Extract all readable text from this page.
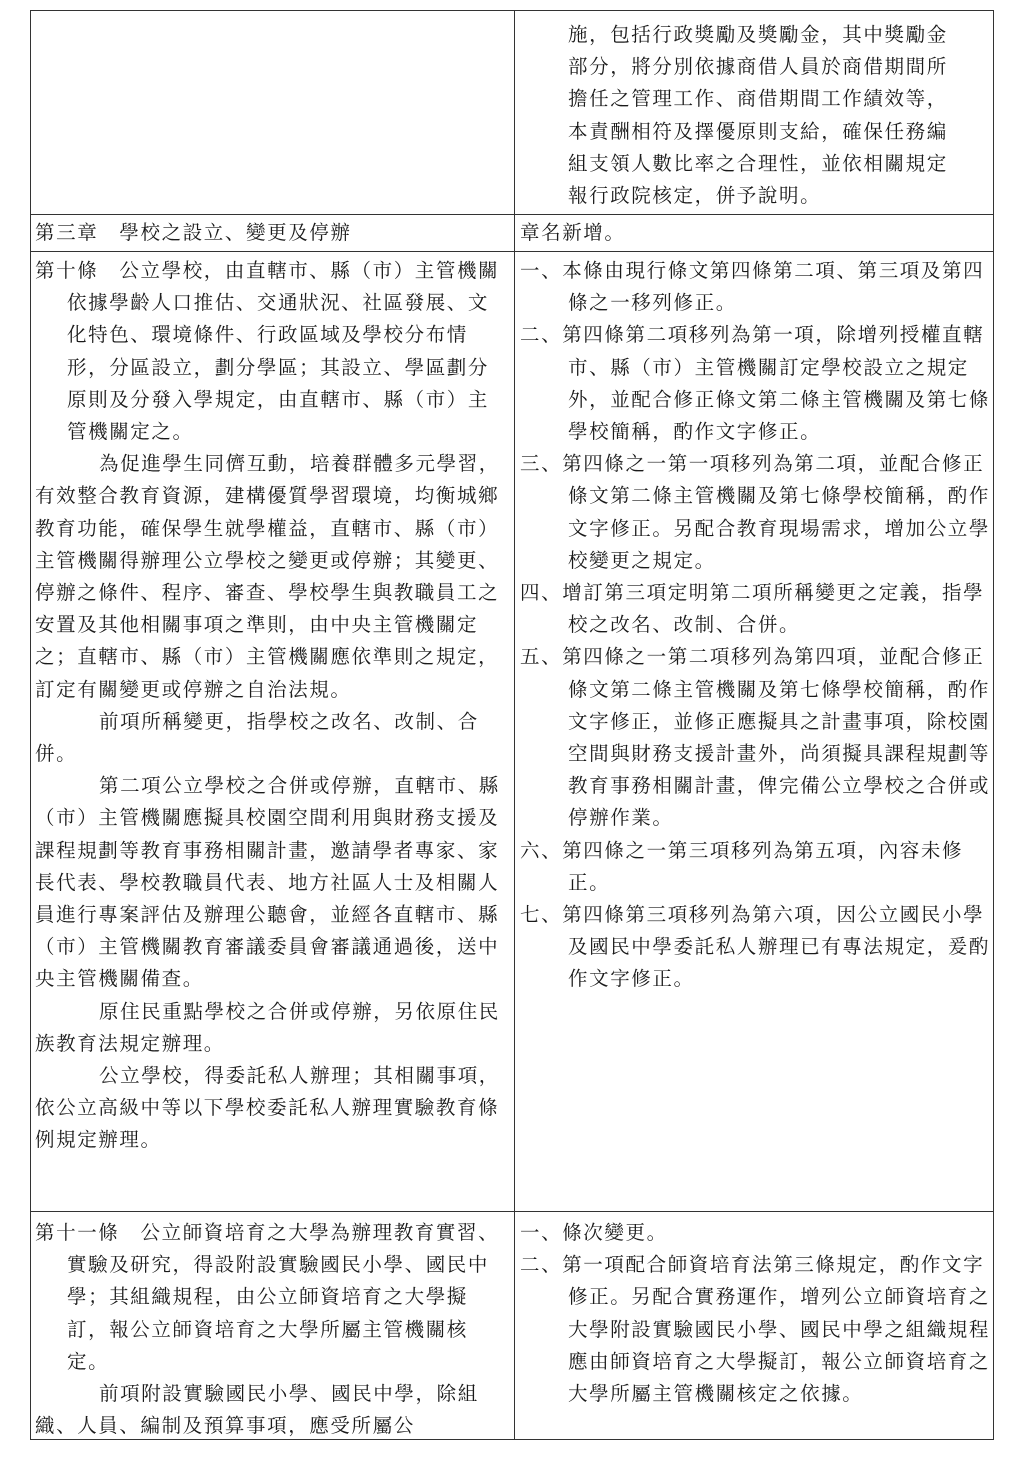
施，包括行政獎勵及獎勵金，其中獎勵金

部分，將分別依據商借人員於商借期間所

擔任之管理工作、商借期間工作績效等，

本責酬相符及擇優原則支給，確保任務編

組支領人數比率之合理性，並依相關規定

報行政院核定，併予說明。

第三章　學校之設立、變更及停辦	章名新增。

第十條　公立學校，由直轄市、縣（市）主管機關依據學齡人口推估、交通狀況、社區發展、文化特色、環境條件、行政區域及學校分布情形，分區設立，劃分學區；其設立、學區劃分原則及分發入學規定，由直轄市、縣（市）主管機關定之。

為促進學生同儕互動，培養群體多元學習，有效整合教育資源，建構優質學習環境，均衡城鄉教育功能，確保學生就學權益，直轄市、縣（市）主管機關得辦理公立學校之變更或停辦；其變更、停辦之條件、程序、審查、學校學生與教職員工之安置及其他相關事項之準則，由中央主管機關定之；直轄市、縣（市）主管機關應依準則之規定，訂定有關變更或停辦之自治法規。

前項所稱變更，指學校之改名、改制、合併。

第二項公立學校之合併或停辦，直轄市、縣（市）主管機關應擬具校園空間利用與財務支援及課程規劃等教育事務相關計畫，邀請學者專家、家長代表、學校教職員代表、地方社區人士及相關人員進行專案評估及辦理公聽會，並經各直轄市、縣（市）主管機關教育審議委員會審議通過後，送中央主管機關備查。

原住民重點學校之合併或停辦，另依原住民族教育法規定辦理。

公立學校，得委託私人辦理；其相關事項，依公立高級中等以下學校委託私人辦理實驗教育條例規定辦理。

一、本條由現行條文第四條第二項、第三項及第四條之一移列修正。

二、第四條第二項移列為第一項，除增列授權直轄市、縣（市）主管機關訂定學校設立之規定外，並配合修正條文第二條主管機關及第七條學校簡稱，酌作文字修正。

三、第四條之一第一項移列為第二項，並配合修正條文第二條主管機關及第七條學校簡稱，酌作文字修正。另配合教育現場需求，增加公立學校變更之規定。

四、增訂第三項定明第二項所稱變更之定義，指學校之改名、改制、合併。

五、第四條之一第二項移列為第四項，並配合修正條文第二條主管機關及第七條學校簡稱，酌作文字修正，並修正應擬具之計畫事項，除校園空間與財務支援計畫外，尚須擬具課程規劃等教育事務相關計畫，俾完備公立學校之合併或停辦作業。

六、第四條之一第三項移列為第五項，內容未修正。

七、第四條第三項移列為第六項，因公立國民小學及國民中學委託私人辦理已有專法規定，爰酌作文字修正。

第十一條　公立師資培育之大學為辦理教育實習、實驗及研究，得設附設實驗國民小學、國民中學；其組織規程，由公立師資培育之大學擬訂，報公立師資培育之大學所屬主管機關核定。

前項附設實驗國民小學、國民中學，除組織、人員、編制及預算事項，應受所屬公

一、條次變更。

二、第一項配合師資培育法第三條規定，酌作文字修正。另配合實務運作，增列公立師資培育之大學附設實驗國民小學、國民中學之組織規程應由師資培育之大學擬訂，報公立師資培育之大學所屬主管機關核定之依據。
